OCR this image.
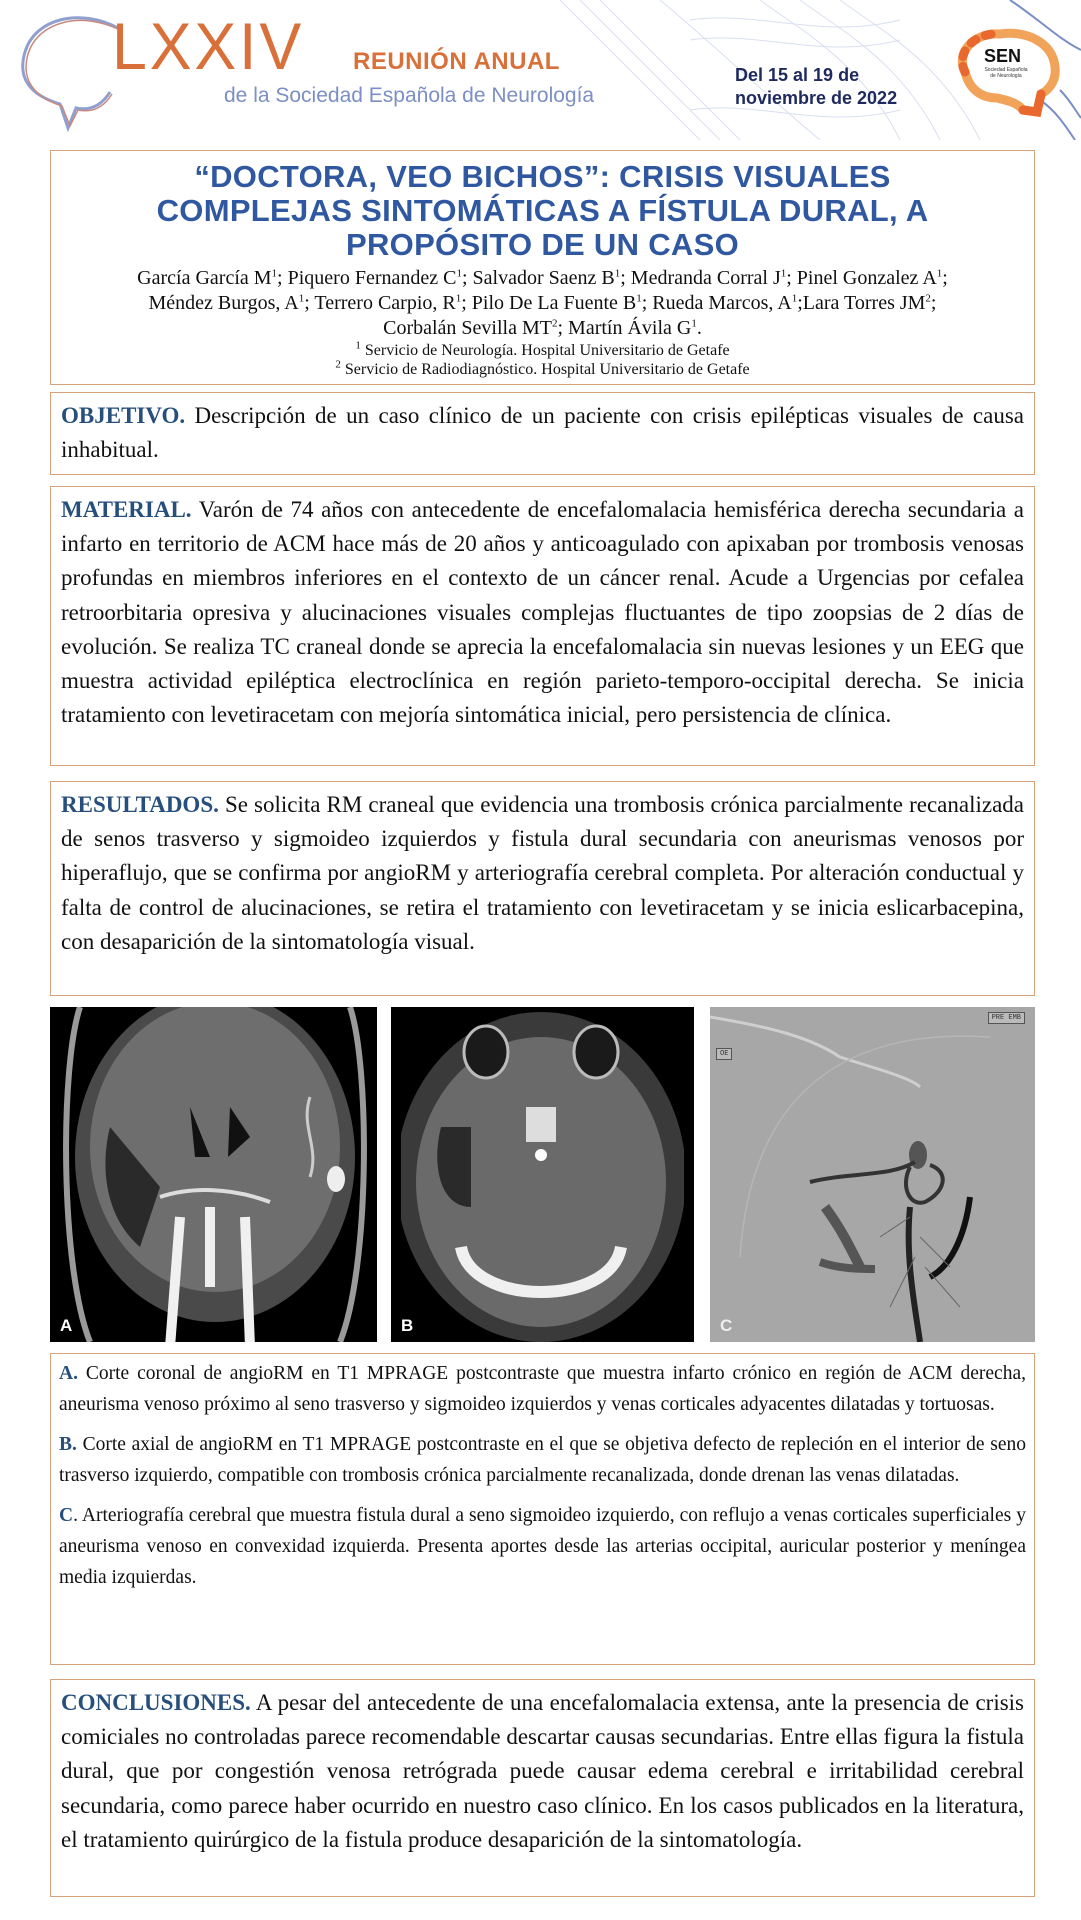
LXXIV REUNIÓN ANUAL
de la Sociedad Española de Neurología
Del 15 al 19 de
noviembre de 2022
SEN
Sociedad Española de Neurología
“DOCTORA, VEO BICHOS”: CRISIS VISUALES
COMPLEJAS SINTOMÁTICAS A FÍSTULA DURAL, A
PROPÓSITO DE UN CASO
García García $M^1$; Piquero Fernandez $C^1$; Salvador Saenz $B^1$; Medranda Corral $J^1$; Pinel Gonzalez $A^1$;
Méndez Burgos, $A^1$; Terrero Carpio, $R^1$; Pilo De La Fuente $B^1$; Rueda Marcos, $A^1;Lara$ Torres $JM^2$;
Corbalán Sevilla $MT^2$; Martín Ávila $G^1$.
$^1$ Servicio de Neurología. Hospital Universitario de Getafe
$^2$ Servicio de Radiodiagnóstico. Hospital Universitario de Getafe
OBJETIVO. Descripción de un caso clínico de un paciente con crisis epilépticas visuales de causa inhabitual.
MATERIAL. Varón de 74 años con antecedente de encefalomalacia hemisférica derecha secundaria a infarto en territorio de ACM hace más de 20 años y anticoagulado con apixaban por trombosis venosas profundas en miembros inferiores en el contexto de un cáncer renal. Acude a Urgencias por cefalea retroorbitaria opresiva y alucinaciones visuales complejas fluctuantes de tipo zoopsias de 2 días de evolución. Se realiza TC craneal donde se aprecia la encefalomalacia sin nuevas lesiones y un EEG que muestra actividad epiléptica electroclínica en región parieto-temporo-occipital derecha. Se inicia tratamiento con levetiracetam con mejoría sintomática inicial, pero persistencia de clínica.
RESULTADOS. Se solicita RM craneal que evidencia una trombosis crónica parcialmente recanalizada de senos trasverso y sigmoideo izquierdos y fistula dural secundaria con aneurismas venosos por hiperaflujo, que se confirma por angioRM y arteriografía cerebral completa. Por alteración conductual y falta de control de alucinaciones, se retira el tratamiento con levetiracetam y se inicia eslicarbacepina, con desaparición de la sintomatología visual.
A	B
PRE EMB
OE
C

A. Corte coronal de angioRM en T1 MPRAGE postcontraste que muestra infarto crónico en región de ACM derecha, aneurisma venoso próximo al seno trasverso y sigmoideo izquierdos y venas corticales adyacentes dilatadas y tortuosas.

B. Corte axial de angioRM en T1 MPRAGE postcontraste en el que se objetiva defecto de repleción en el interior de seno trasverso izquierdo, compatible con trombosis crónica parcialmente recanalizada, donde drenan las venas dilatadas.

C. Arteriografía cerebral que muestra fistula dural a seno sigmoideo izquierdo, con reflujo a venas corticales superficiales y aneurisma venoso en convexidad izquierda. Presenta aportes desde las arterias occipital, auricular posterior y meníngea media izquierdas.

CONCLUSIONES. A pesar del antecedente de una encefalomalacia extensa, ante la presencia de crisis comiciales no controladas parece recomendable descartar causas secundarias. Entre ellas figura la fistula dural, que por congestión venosa retrógrada puede causar edema cerebral e irritabilidad cerebral secundaria, como parece haber ocurrido en nuestro caso clínico. En los casos publicados en la literatura, el tratamiento quirúrgico de la fistula produce desaparición de la sintomatología.
